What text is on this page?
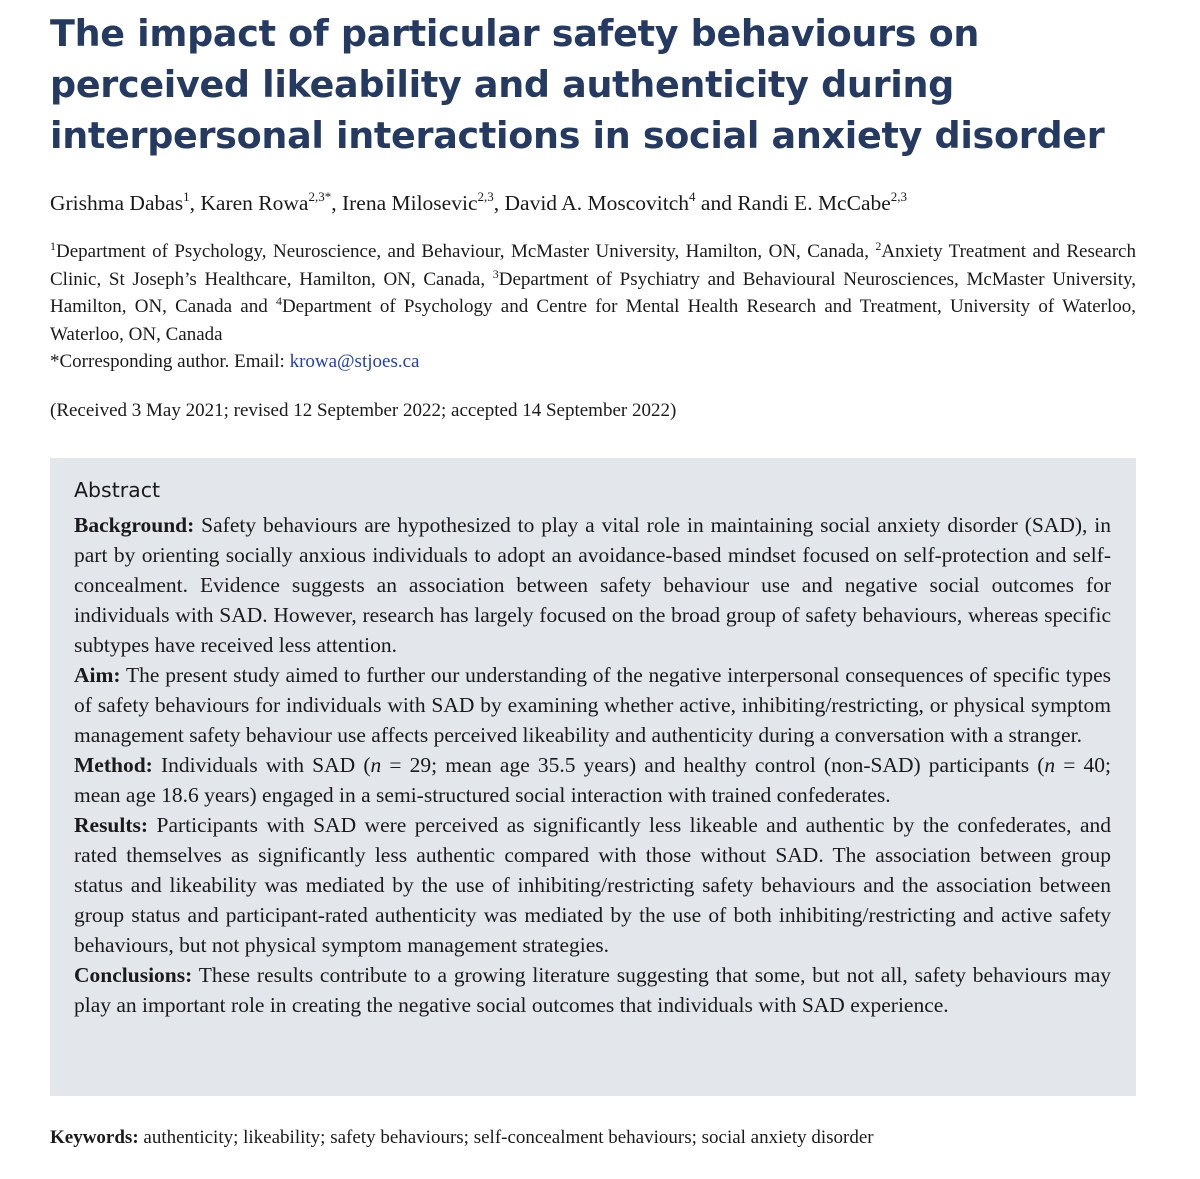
The impact of particular safety behaviours on perceived likeability and authenticity during interpersonal interactions in social anxiety disorder
Grishma Dabas$^1$, Karen Rowa$^{2,3*}$, Irena Milosevic$^{2,3}$, David A. Moscovitch$^4$ and Randi E. McCabe$^{2,3}$
$^1$Department of Psychology, Neuroscience, and Behaviour, McMaster University, Hamilton, ON, Canada, $^2$Anxiety Treatment and Research Clinic, St Joseph’s Healthcare, Hamilton, ON, Canada, $^3$Department of Psychiatry and Behavioural Neurosciences, McMaster University, Hamilton, ON, Canada and $^4$Department of Psychology and Centre for Mental Health Research and Treatment, University of Waterloo, Waterloo, ON, Canada
*Corresponding author. Email: krowa@stjoes.ca
(Received 3 May 2021; revised 12 September 2022; accepted 14 September 2022)
Abstract

Background: Safety behaviours are hypothesized to play a vital role in maintaining social anxiety disorder (SAD), in part by orienting socially anxious individuals to adopt an avoidance-based mindset focused on self-protection and self-concealment. Evidence suggests an association between safety behaviour use and negative social outcomes for individuals with SAD. However, research has largely focused on the broad group of safety behaviours, whereas specific subtypes have received less attention.

Aim: The present study aimed to further our understanding of the negative interpersonal consequences of specific types of safety behaviours for individuals with SAD by examining whether active, inhibiting/restricting, or physical symptom management safety behaviour use affects perceived likeability and authenticity during a conversation with a stranger.

Method: Individuals with SAD (n = 29; mean age 35.5 years) and healthy control (non-SAD) participants (n = 40; mean age 18.6 years) engaged in a semi-structured social interaction with trained confederates.

Results: Participants with SAD were perceived as significantly less likeable and authentic by the confederates, and rated themselves as significantly less authentic compared with those without SAD. The association between group status and likeability was mediated by the use of inhibiting/restricting safety behaviours and the association between group status and participant-rated authenticity was mediated by the use of both inhibiting/restricting and active safety behaviours, but not physical symptom management strategies.

Conclusions: These results contribute to a growing literature suggesting that some, but not all, safety behaviours may play an important role in creating the negative social outcomes that individuals with SAD experience.

Keywords: authenticity; likeability; safety behaviours; self-concealment behaviours; social anxiety disorder
